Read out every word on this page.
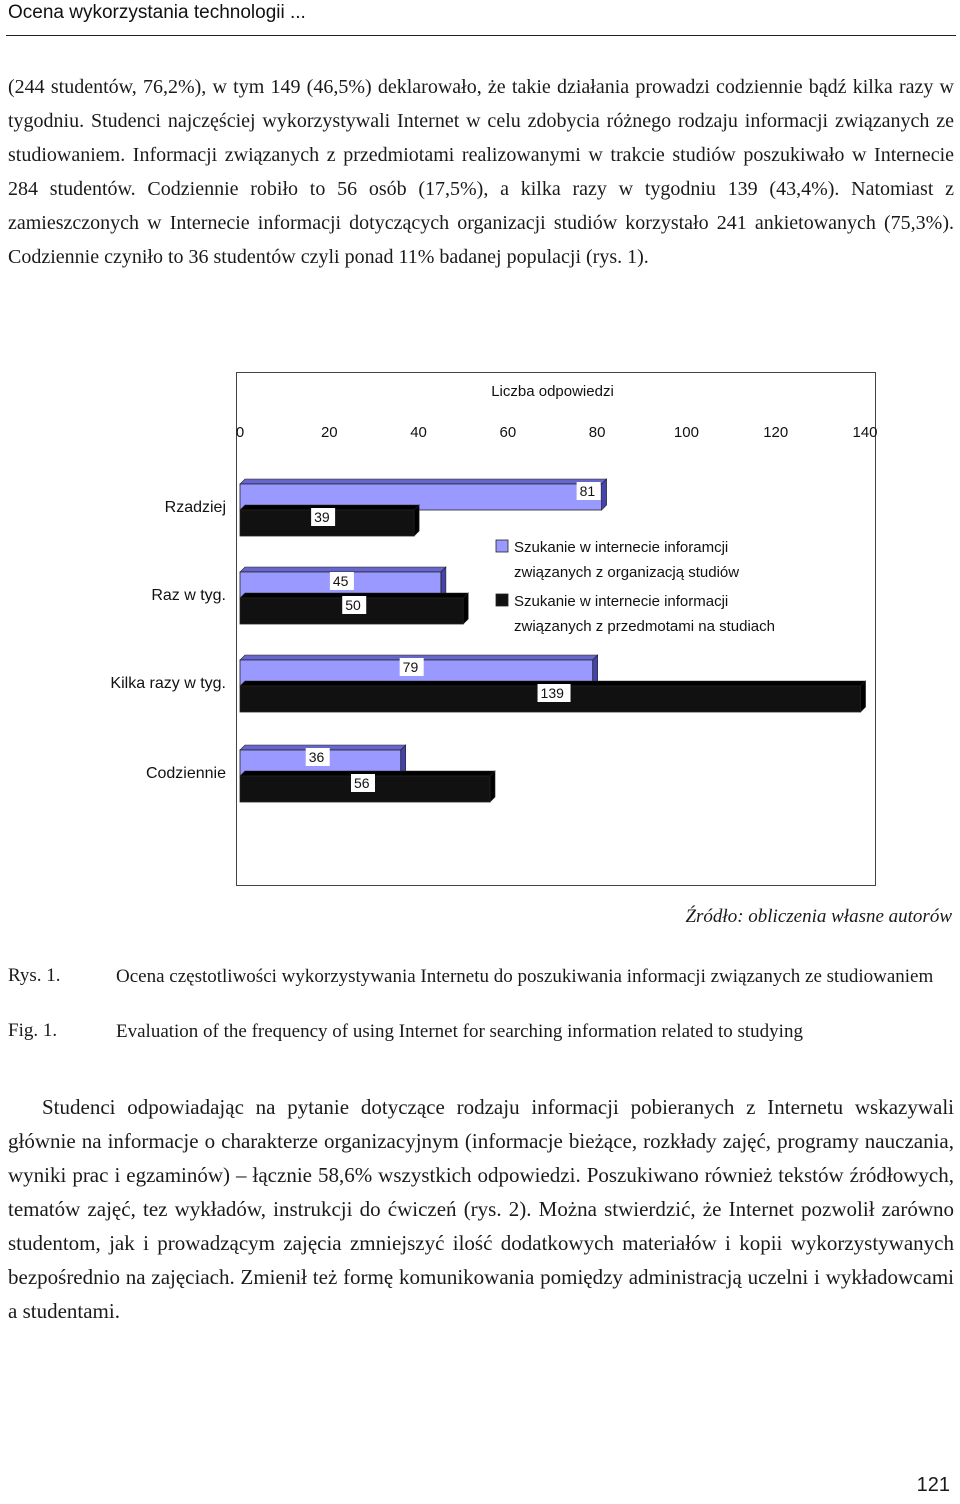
Ocena wykorzystania technologii ...
(244 studentów, 76,2%), w tym 149 (46,5%) deklarowało, że takie działania prowadzi codziennie bądź kilka razy w tygodniu. Studenci najczęściej wykorzystywali Internet w celu zdobycia różnego rodzaju informacji związanych ze studiowaniem. Informacji związanych z przedmiotami realizowanymi w trakcie studiów poszukiwało w Internecie 284 studentów. Codziennie robiło to 56 osób (17,5%), a kilka razy w tygodniu 139 (43,4%). Natomiast z zamieszczonych w Internecie informacji dotyczących organizacji studiów korzystało 241 ankietowanych (75,3%). Codziennie czyniło to 36 studentów czyli ponad 11% badanej populacji (rys. 1).
Liczba odpowiedzi
0	20	40	60	80	100	120	140
Rzadziej
Raz w tyg.
Kilka razy w tyg.
Codziennie
81
39
45
50
79
139
36
56
Szukanie w internecie inforamcji
związanych z organizacją studiów
Szukanie w internecie informacji
związanych z przedmotami na studiach
Źródło: obliczenia własne autorów
Rys. 1.	Ocena częstotliwości wykorzystywania Internetu do poszukiwania informacji związanych ze studiowaniem
Fig. 1.	Evaluation of the frequency of using Internet for searching information related to studying
Studenci odpowiadając na pytanie dotyczące rodzaju informacji pobieranych z Internetu wskazywali głównie na informacje o charakterze organizacyjnym (informacje bieżące, rozkłady zajęć, programy nauczania, wyniki prac i egzaminów) – łącznie 58,6% wszystkich odpowiedzi. Poszukiwano również tekstów źródłowych, tematów zajęć, tez wykładów, instrukcji do ćwiczeń (rys. 2). Można stwierdzić, że Internet pozwolił zarówno studentom, jak i prowadzącym zajęcia zmniejszyć ilość dodatkowych materiałów i kopii wykorzystywanych bezpośrednio na zajęciach. Zmienił też formę komunikowania pomiędzy administracją uczelni i wykładowcami a studentami.
121
